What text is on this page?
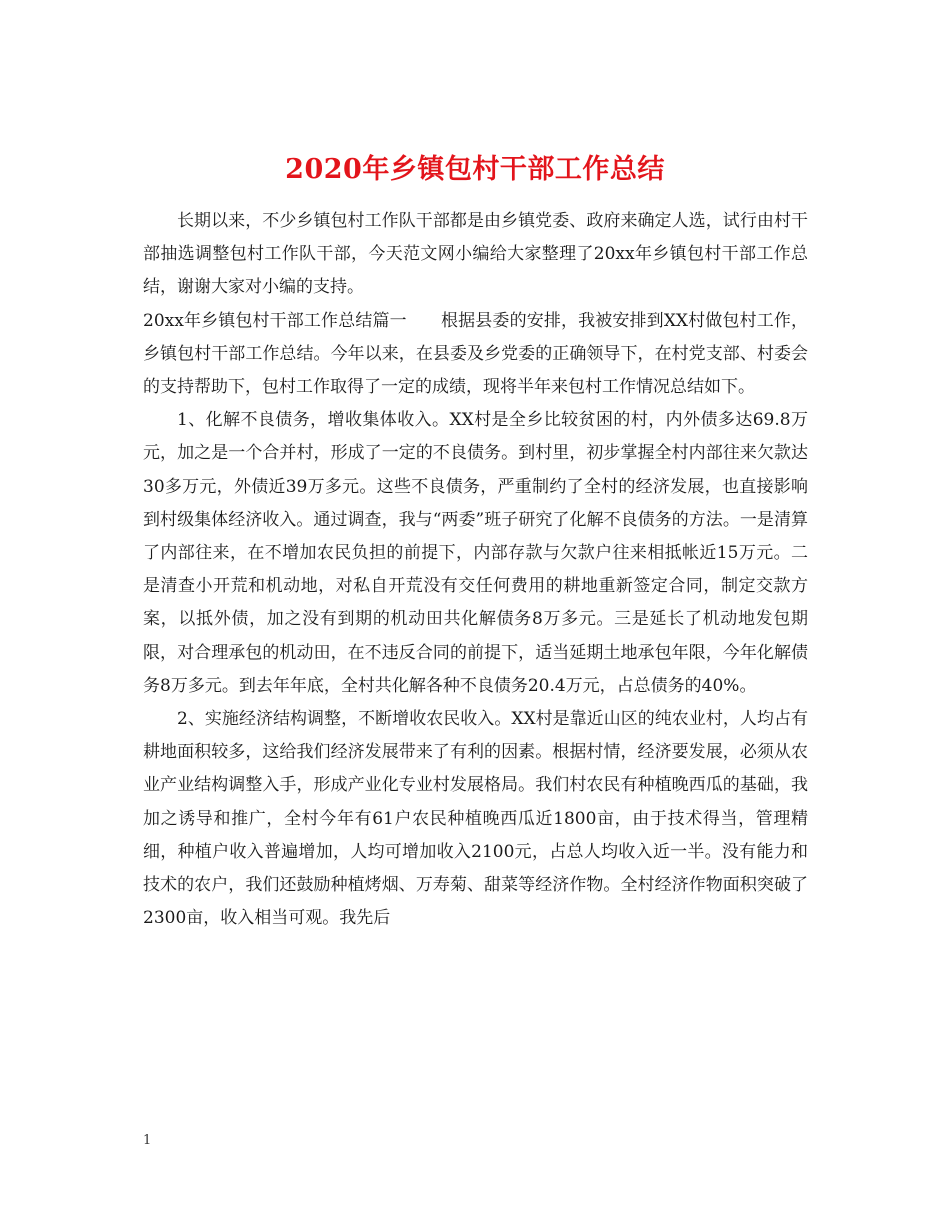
2020年乡镇包村干部工作总结

长期以来，不少乡镇包村工作队干部都是由乡镇党委、政府来确定人选，试行由村干部抽选调整包村工作队干部，今天范文网小编给大家整理了20xx年乡镇包村干部工作总结，谢谢大家对小编的支持。

20xx年乡镇包村干部工作总结篇一　　根据县委的安排，我被安排到XX村做包村工作，乡镇包村干部工作总结。今年以来，在县委及乡党委的正确领导下，在村党支部、村委会的支持帮助下，包村工作取得了一定的成绩，现将半年来包村工作情况总结如下。

1、化解不良债务，增收集体收入。XX村是全乡比较贫困的村，内外债多达69.8万元，加之是一个合并村，形成了一定的不良债务。到村里，初步掌握全村内部往来欠款达30多万元，外债近39万多元。这些不良债务，严重制约了全村的经济发展，也直接影响到村级集体经济收入。通过调查，我与“两委”班子研究了化解不良债务的方法。一是清算了内部往来，在不增加农民负担的前提下，内部存款与欠款户往来相抵帐近15万元。二是清查小开荒和机动地，对私自开荒没有交任何费用的耕地重新签定合同，制定交款方案，以抵外债，加之没有到期的机动田共化解债务8万多元。三是延长了机动地发包期限，对合理承包的机动田，在不违反合同的前提下，适当延期土地承包年限，今年化解债务8万多元。到去年年底，全村共化解各种不良债务20.4万元，占总债务的40%。

2、实施经济结构调整，不断增收农民收入。XX村是靠近山区的纯农业村，人均占有耕地面积较多，这给我们经济发展带来了有利的因素。根据村情，经济要发展，必须从农业产业结构调整入手，形成产业化专业村发展格局。我们村农民有种植晚西瓜的基础，我加之诱导和推广，全村今年有61户农民种植晚西瓜近1800亩，由于技术得当，管理精细，种植户收入普遍增加，人均可增加收入2100元，占总人均收入近一半。没有能力和技术的农户，我们还鼓励种植烤烟、万寿菊、甜菜等经济作物。全村经济作物面积突破了2300亩，收入相当可观。我先后

1
